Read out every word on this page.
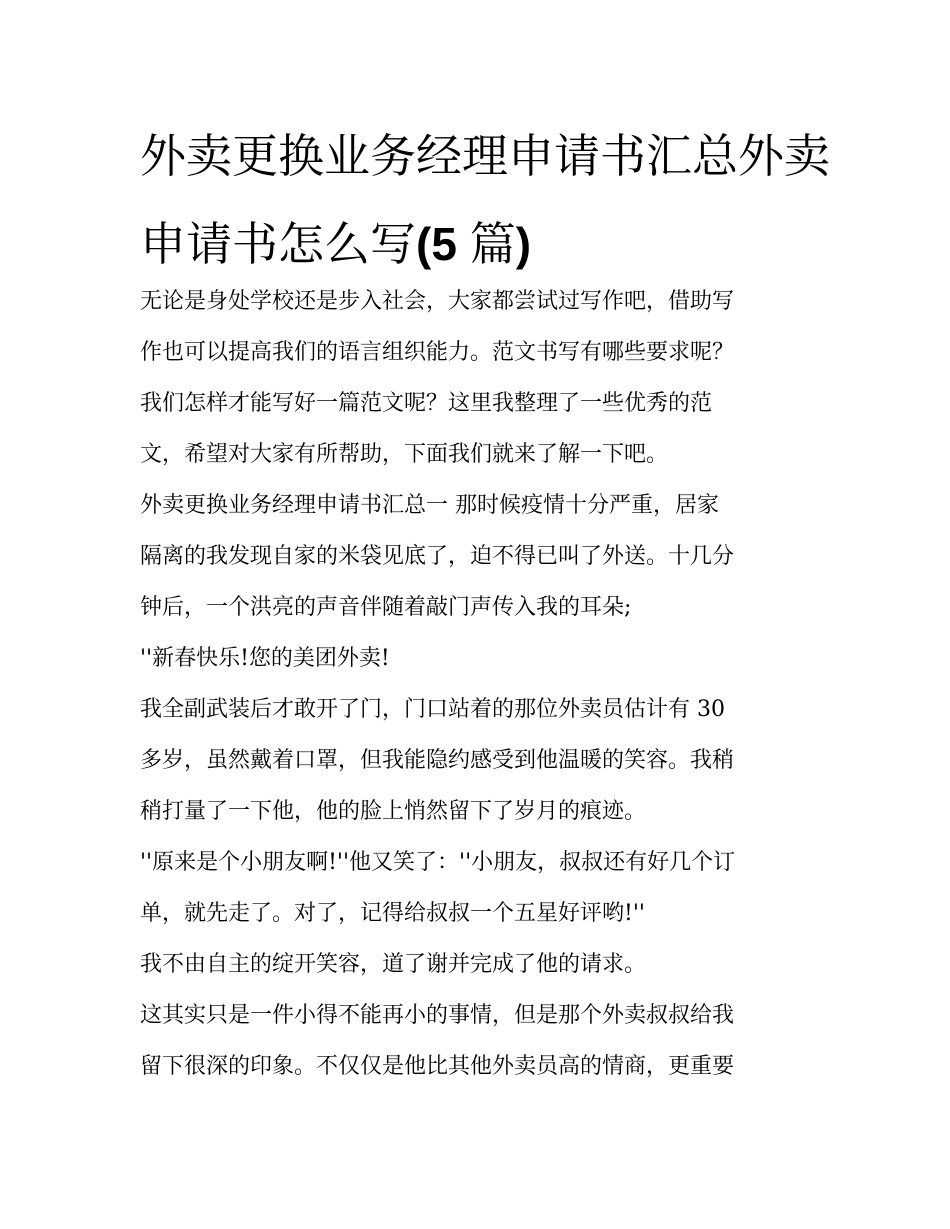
外卖更换业务经理申请书汇总外卖申请书怎么写(5 篇)
无论是身处学校还是步入社会，大家都尝试过写作吧，借助写
作也可以提高我们的语言组织能力。范文书写有哪些要求呢？
我们怎样才能写好一篇范文呢？这里我整理了一些优秀的范
文，希望对大家有所帮助，下面我们就来了解一下吧。
外卖更换业务经理申请书汇总一 那时候疫情十分严重，居家
隔离的我发现自家的米袋见底了，迫不得已叫了外送。十几分
钟后，一个洪亮的声音伴随着敲门声传入我的耳朵;
''新春快乐!您的美团外卖!
我全副武装后才敢开了门，门口站着的那位外卖员估计有 30
多岁，虽然戴着口罩，但我能隐约感受到他温暖的笑容。我稍
稍打量了一下他，他的脸上悄然留下了岁月的痕迹。
''原来是个小朋友啊!''他又笑了：''小朋友，叔叔还有好几个订
单，就先走了。对了，记得给叔叔一个五星好评哟!''
我不由自主的绽开笑容，道了谢并完成了他的请求。
这其实只是一件小得不能再小的事情，但是那个外卖叔叔给我
留下很深的印象。不仅仅是他比其他外卖员高的情商，更重要
